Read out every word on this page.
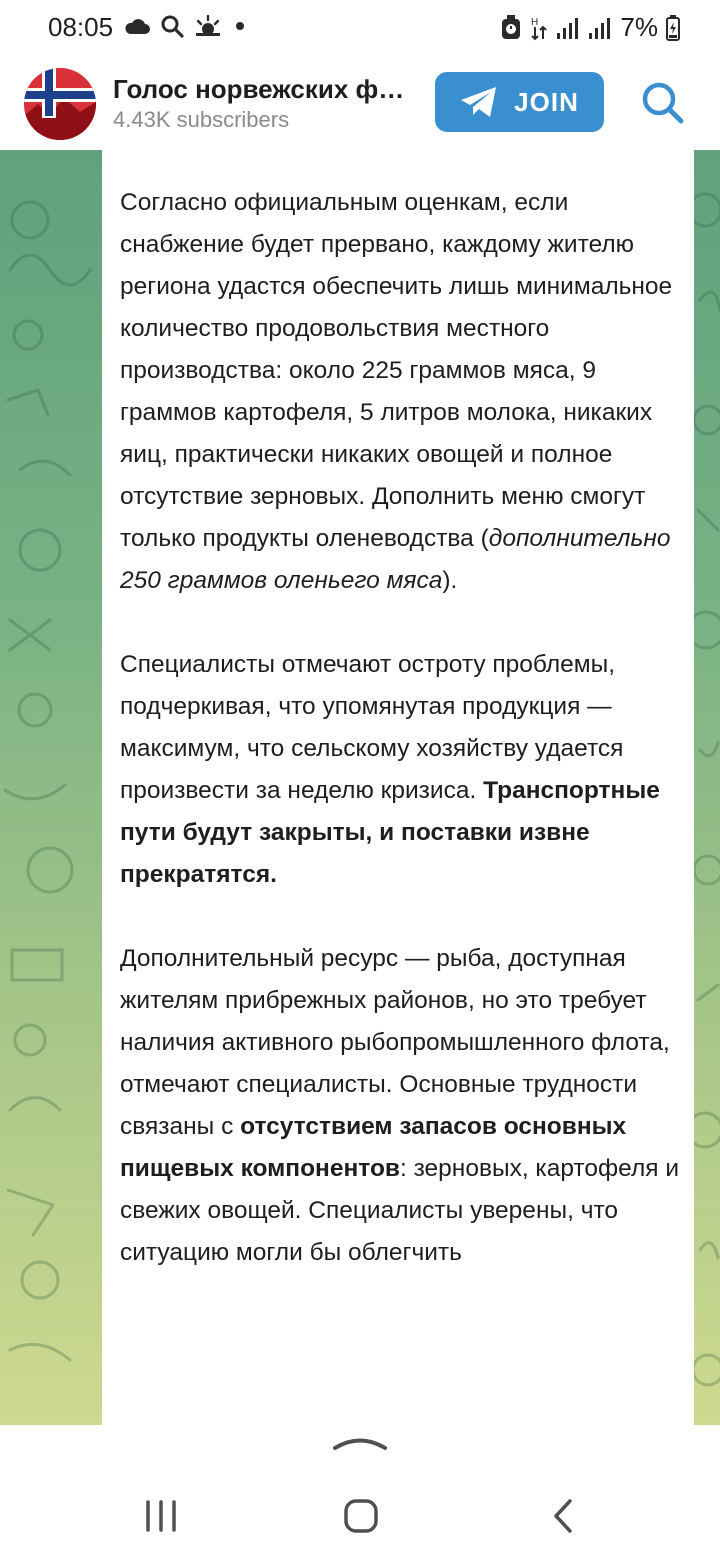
08:05	H	7%
Голос норвежских ф…
4.43K subscribers
JOIN

Согласно официальным оценкам, если снабжение будет прервано, каждому жителю региона удастся обеспечить лишь минимальное количество продовольствия местного производства: около 225 граммов мяса, 9 граммов картофеля, 5 литров молока, никаких яиц, практически никаких овощей и полное отсутствие зерновых. Дополнить меню смогут только продукты оленеводства (дополнительно 250 граммов оленьего мяса).

Специалисты отмечают остроту проблемы, подчеркивая, что упомянутая продукция — максимум, что сельскому хозяйству удается произвести за неделю кризиса. Транспортные пути будут закрыты, и поставки извне прекратятся.

Дополнительный ресурс — рыба, доступная жителям прибрежных районов, но это требует наличия активного рыбопромышленного флота, отмечают специалисты. Основные трудности связаны с отсутствием запасов основных пищевых компонентов: зерновых, картофеля и свежих овощей. Специалисты уверены, что ситуацию могли бы облегчить
